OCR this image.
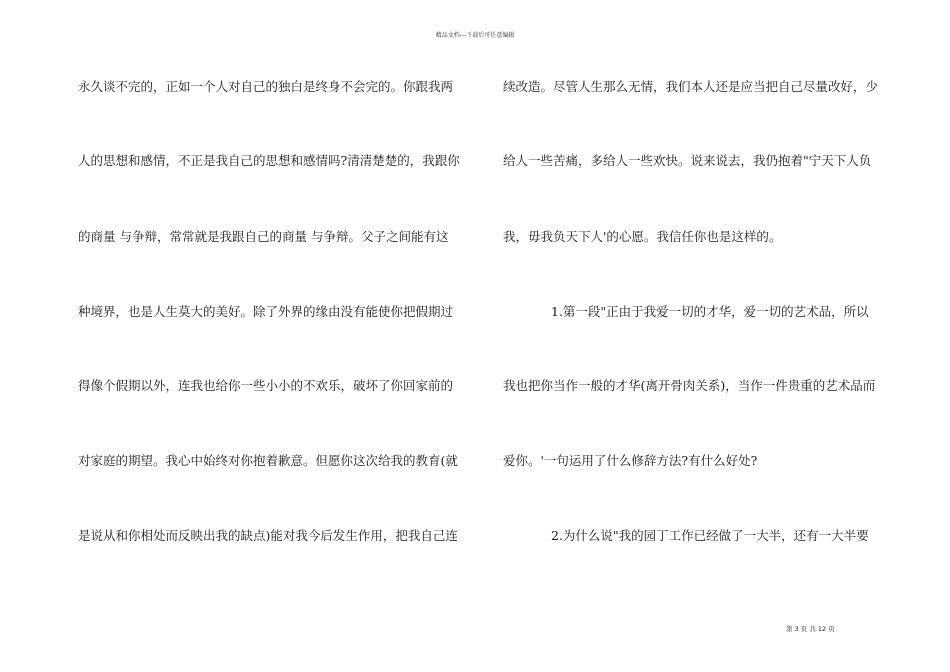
精品文档---下载后可任意编辑
永久谈不完的，正如一个人对自己的独白是终身不会完的。你跟我两
人的思想和感情，不正是我自己的思想和感情吗?清清楚楚的，我跟你
的商量 与争辩，常常就是我跟自己的商量 与争辩。父子之间能有这
种境界，也是人生莫大的美好。除了外界的缘由没有能使你把假期过
得像个假期以外，连我也给你一些小小的不欢乐，破坏了你回家前的
对家庭的期望。我心中始终对你抱着歉意。但愿你这次给我的教育(就
是说从和你相处而反映出我的缺点)能对我今后发生作用，把我自己连
续改造。尽管人生那么无情，我们本人还是应当把自己尽量改好，少
给人一些苦痛，多给人一些欢快。说来说去，我仍抱着"宁天下人负
我，毋我负天下人'的心愿。我信任你也是这样的。
1.第一段"正由于我爱一切的才华，爱一切的艺术品，所以
我也把你当作一般的才华(离开骨肉关系)，当作一件贵重的艺术品而
爱你。'一句运用了什么修辞方法?有什么好处?
2.为什么说"我的园丁工作已经做了一大半，还有一大半要
第 3 页 共 12 页
